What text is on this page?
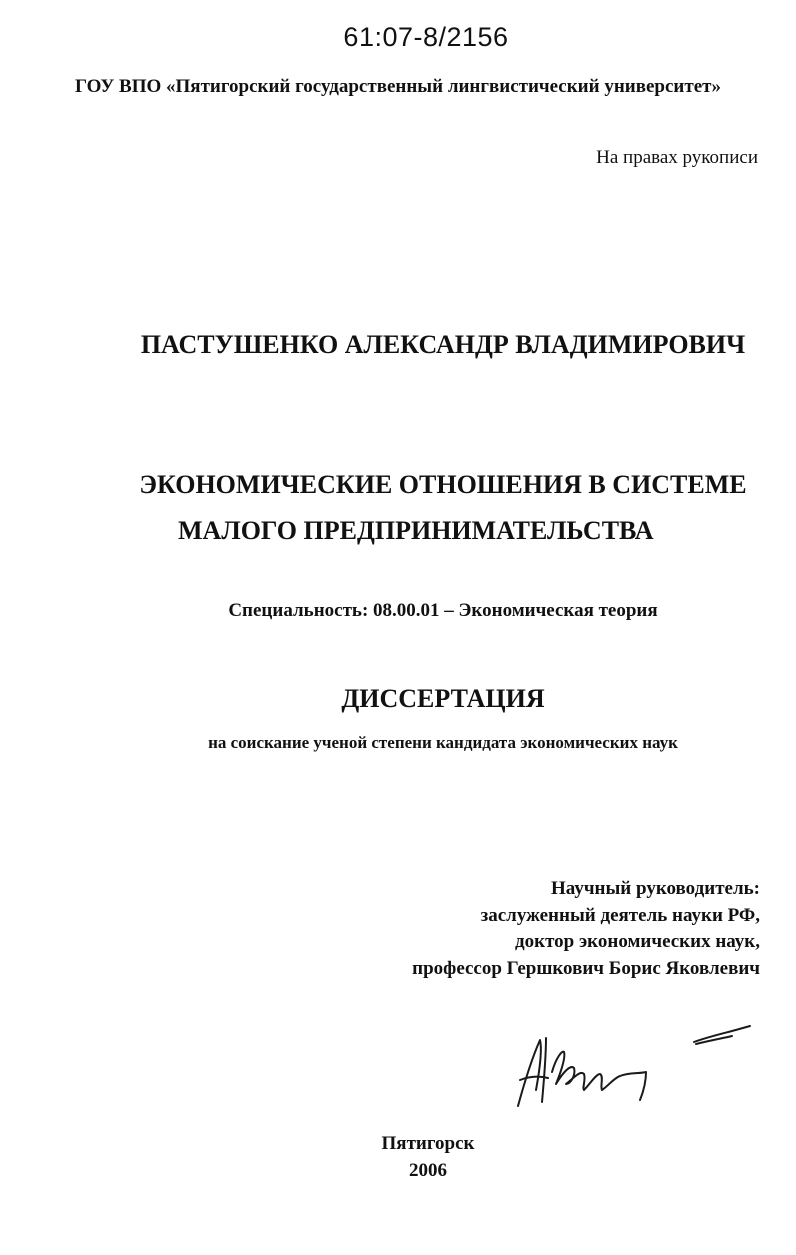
61:07-8/2156
ГОУ ВПО «Пятигорский государственный лингвистический университет»
На правах рукописи
ПАСТУШЕНКО АЛЕКСАНДР ВЛАДИМИРОВИЧ
ЭКОНОМИЧЕСКИЕ ОТНОШЕНИЯ В СИСТЕМЕ
МАЛОГО ПРЕДПРИНИМАТЕЛЬСТВА
Специальность: 08.00.01 – Экономическая теория
ДИССЕРТАЦИЯ
на соискание ученой степени кандидата экономических наук
Научный руководитель:
заслуженный деятель науки РФ,
доктор экономических наук,
профессор Гершкович Борис Яковлевич
Пятигорск
2006
